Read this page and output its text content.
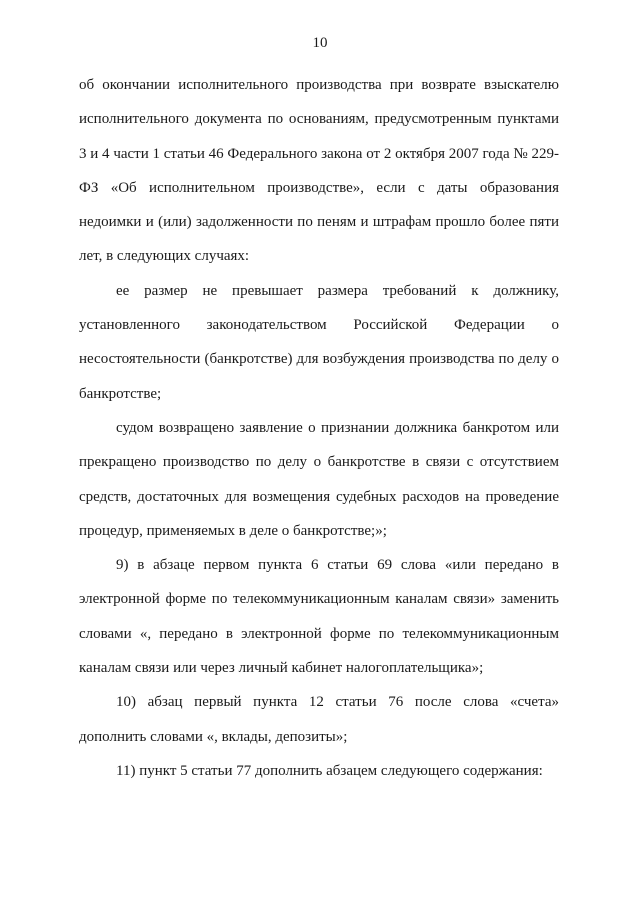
10

об окончании исполнительного производства при возврате взыскателю исполнительного документа по основаниям, предусмотренным пунктами 3 и 4 части 1 статьи 46 Федерального закона от 2 октября 2007 года № 229-ФЗ «Об исполнительном производстве», если с даты образования недоимки и (или) задолженности по пеням и штрафам прошло более пяти лет, в следующих случаях:

ее размер не превышает размера требований к должнику, установленного законодательством Российской Федерации о несостоятельности (банкротстве) для возбуждения производства по делу о банкротстве;

судом возвращено заявление о признании должника банкротом или прекращено производство по делу о банкротстве в связи с отсутствием средств, достаточных для возмещения судебных расходов на проведение процедур, применяемых в деле о банкротстве;»;

9) в абзаце первом пункта 6 статьи 69 слова «или передано в электронной форме по телекоммуникационным каналам связи» заменить словами «, передано в электронной форме по телекоммуникационным каналам связи или через личный кабинет налогоплательщика»;

10) абзац первый пункта 12 статьи 76 после слова «счета» дополнить словами «, вклады, депозиты»;

11) пункт 5 статьи 77 дополнить абзацем следующего содержания:
